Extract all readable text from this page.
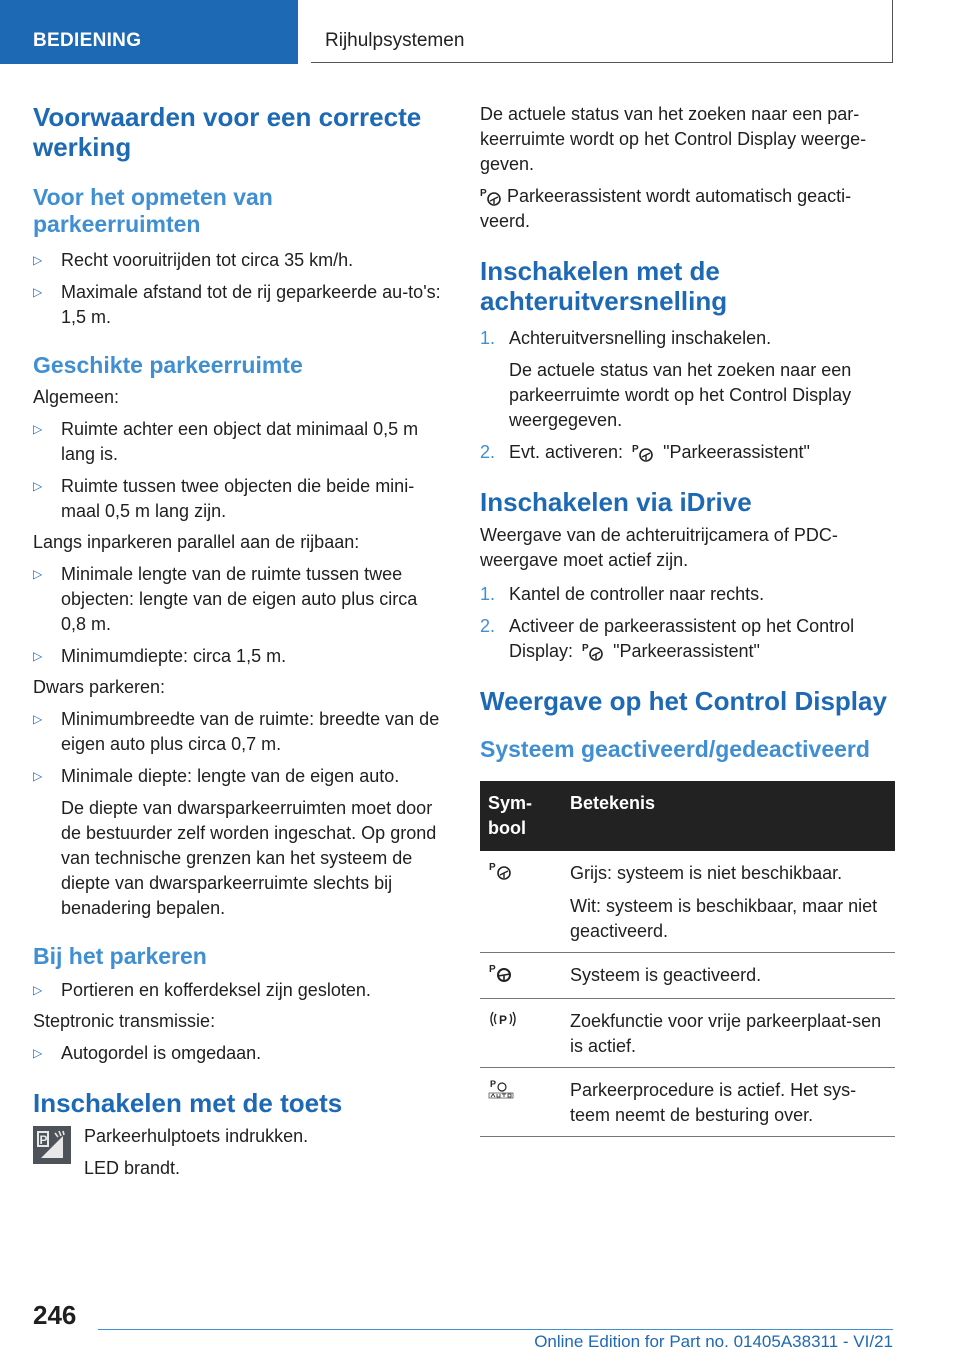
BEDIENING	Rijhulpsystemen
Voorwaarden voor een correcte werking
Voor het opmeten van parkeerruimten
▷ Recht vooruitrijden tot circa 35 km/h.
▷ Maximale afstand tot de rij geparkeerde au-to's: 1,5 m.
Geschikte parkeerruimte

Algemeen:

▷ Ruimte achter een object dat minimaal 0,5 m lang is.
▷ Ruimte tussen twee objecten die beide mini-maal 0,5 m lang zijn.

Langs inparkeren parallel aan de rijbaan:

▷ Minimale lengte van de ruimte tussen twee objecten: lengte van de eigen auto plus circa 0,8 m.
▷ Minimumdiepte: circa 1,5 m.

Dwars parkeren:

▷ Minimumbreedte van de ruimte: breedte van de eigen auto plus circa 0,7 m.
▷ Minimale diepte: lengte van de eigen auto.

De diepte van dwarsparkeerruimten moet door de bestuurder zelf worden ingeschat. Op grond van technische grenzen kan het systeem de diepte van dwarsparkeerruimte slechts bij benadering bepalen.

Bij het parkeren
▷ Portieren en kofferdeksel zijn gesloten.

Steptronic transmissie:

▷ Autogordel is omgedaan.
Inschakelen met de toets
P Parkeerhulptoets indrukken.

LED brandt.

De actuele status van het zoeken naar een par-keerruimte wordt op het Control Display weerge-geven.

P Parkeerassistent wordt automatisch geacti-veerd.

Inschakelen met de achteruitversnelling
1. Achteruitversnelling inschakelen.

De actuele status van het zoeken naar een parkeerruimte wordt op het Control Display weergegeven.

2. Evt. activeren: P "Parkeerassistent"
Inschakelen via iDrive

Weergave van de achteruitrijcamera of PDC-weergave moet actief zijn.

1. Kantel de controller naar rechts.
2. Activeer de parkeerassistent op het Control Display: P "Parkeerassistent"
Weergave op het Control Display
Systeem geactiveerd/gedeactiveerd
Sym-bool	Betekenis

P	Grijs: systeem is niet beschikbaar.

Wit: systeem is beschikbaar, maar niet geactiveerd.

P	Systeem is geactiveerd.

P	Zoekfunctie voor vrije parkeerplaat-sen is actief.

P	Parkeerprocedure is actief. Het sys-teem neemt de besturing over.

246
Online Edition for Part no. 01405A38311 - VI/21
